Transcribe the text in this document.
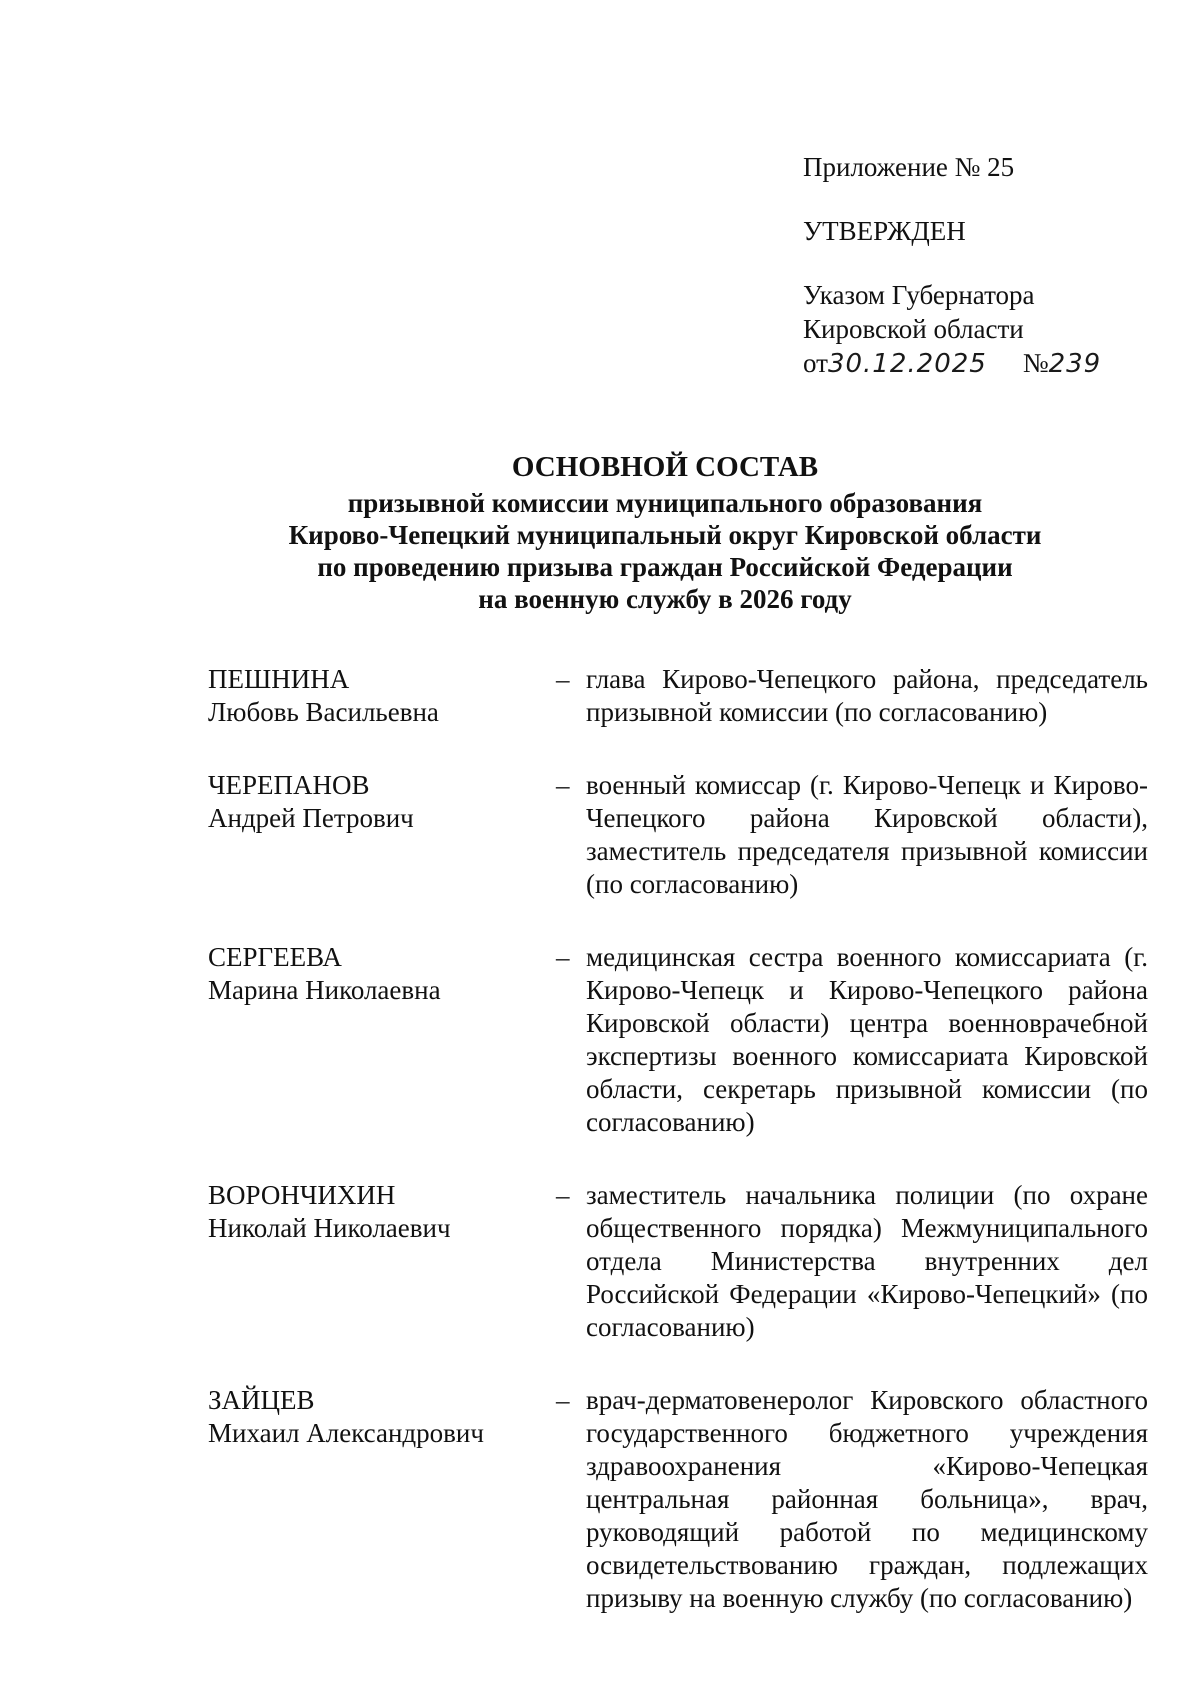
Приложение № 25

УТВЕРЖДЕН

Указом Губернатора

Кировской области

от30.12.2025 №239

ОСНОВНОЙ СОСТАВ
призывной комиссии муниципального образования
Кирово-Чепецкий муниципальный округ Кировской области
по проведению призыва граждан Российской Федерации
на военную службу в 2026 году
ПЕШНИНА
Любовь Васильевна
– глава Кирово-Чепецкого района, председатель призывной комиссии (по согласованию)
ЧЕРЕПАНОВ
Андрей Петрович
– военный комиссар (г. Кирово-Чепецк и Кирово-Чепецкого района Кировской области), заместитель председателя призывной комиссии (по согласованию)
СЕРГЕЕВА
Марина Николаевна
– медицинская сестра военного комиссариата (г. Кирово-Чепецк и Кирово-Чепецкого района Кировской области) центра военноврачебной экспертизы военного комиссариата Кировской области, секретарь призывной комиссии (по согласованию)
ВОРОНЧИХИН
Николай Николаевич
– заместитель начальника полиции (по охране общественного порядка) Межмуниципального отдела Министерства внутренних дел Российской Федерации «Кирово-Чепецкий» (по согласованию)
ЗАЙЦЕВ
Михаил Александрович
– врач-дерматовенеролог Кировского областного государственного бюджетного учреждения здравоохранения «Кирово-Чепецкая центральная районная больница», врач, руководящий работой по медицинскому освидетельствованию граждан, подлежащих призыву на военную службу (по согласованию)
